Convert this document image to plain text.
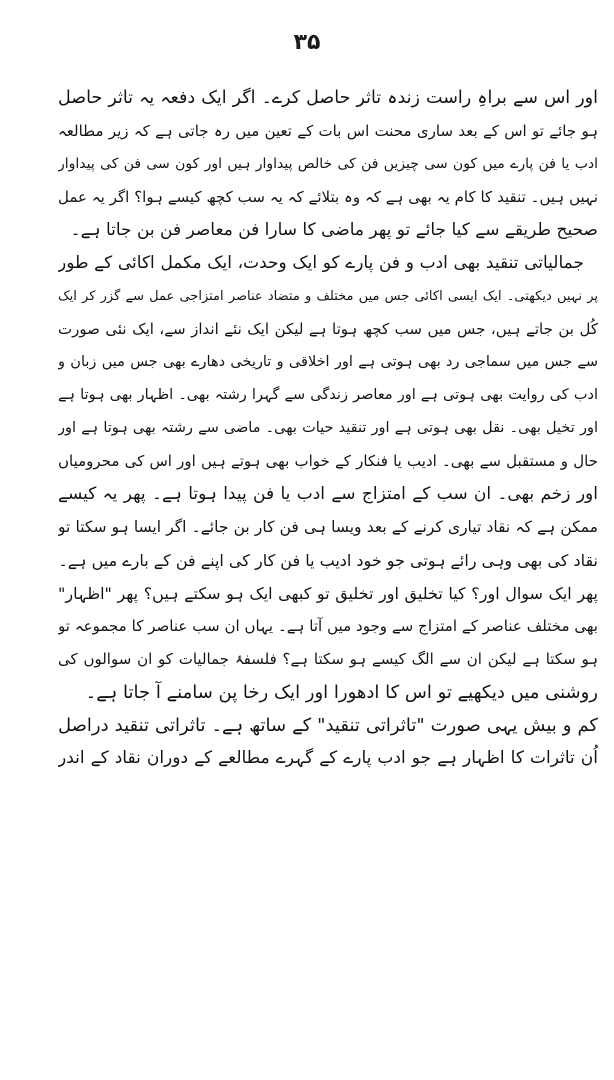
۳۵
اور اس سے براہِ راست زندہ تاثر حاصل کرے۔ اگر ایک دفعہ یہ تاثر حاصل
ہو جائے تو اس کے بعد ساری محنت اس بات کے تعین میں رہ جاتی ہے کہ زیر مطالعہ
ادب یا فن پارے میں کون سی چیزیں فن کی خالص پیداوار ہیں اور کون سی فن کی پیداوار
نہیں ہیں۔ تنقید کا کام یہ بھی ہے کہ وہ بتلائے کہ یہ سب کچھ کیسے ہوا؟ اگر یہ عمل
صحیح طریقے سے کیا جائے تو پھر ماضی کا سارا فن معاصر فن بن جاتا ہے۔
جمالیاتی تنقید بھی ادب و فن پارے کو ایک وحدت، ایک مکمل اکائی کے طور
پر نہیں دیکھتی۔ ایک ایسی اکائی جس میں مختلف و متضاد عناصر امتزاجی عمل سے گزر کر ایک
کُل بن جاتے ہیں، جس میں سب کچھ ہوتا ہے لیکن ایک نئے انداز سے، ایک نئی صورت
سے جس میں سماجی رد بھی ہوتی ہے اور اخلاقی و تاریخی دھارے بھی جس میں زبان و
ادب کی روایت بھی ہوتی ہے اور معاصر زندگی سے گہرا رشتہ بھی۔ اظہار بھی ہوتا ہے
اور تخیل بھی۔ نقل بھی ہوتی ہے اور تنقید حیات بھی۔ ماضی سے رشتہ بھی ہوتا ہے اور
حال و مستقبل سے بھی۔ ادیب یا فنکار کے خواب بھی ہوتے ہیں اور اس کی محرومیاں
اور زخم بھی۔ ان سب کے امتزاج سے ادب یا فن پیدا ہوتا ہے۔ پھر یہ کیسے
ممکن ہے کہ نقاد تیاری کرنے کے بعد ویسا ہی فن کار بن جائے۔ اگر ایسا ہو سکتا تو
نقاد کی بھی وہی رائے ہوتی جو خود ادیب یا فن کار کی اپنے فن کے بارے میں ہے۔
پھر ایک سوال اور؟ کیا تخلیق اور تخلیق تو کبھی ایک ہو سکتے ہیں؟ پھر "اظہار"
بھی مختلف عناصر کے امتزاج سے وجود میں آتا ہے۔ یہاں ان سب عناصر کا مجموعہ تو
ہو سکتا ہے لیکن ان سے الگ کیسے ہو سکتا ہے؟ فلسفۂ جمالیات کو ان سوالوں کی
روشنی میں دیکھیے تو اس کا ادھورا اور ایک رخا پن سامنے آ جاتا ہے۔
کم و بیش یہی صورت "تاثراتی تنقید" کے ساتھ ہے۔ تاثراتی تنقید دراصل
اُن تاثرات کا اظہار ہے جو ادب پارے کے گہرے مطالعے کے دوران نقاد کے اندر
